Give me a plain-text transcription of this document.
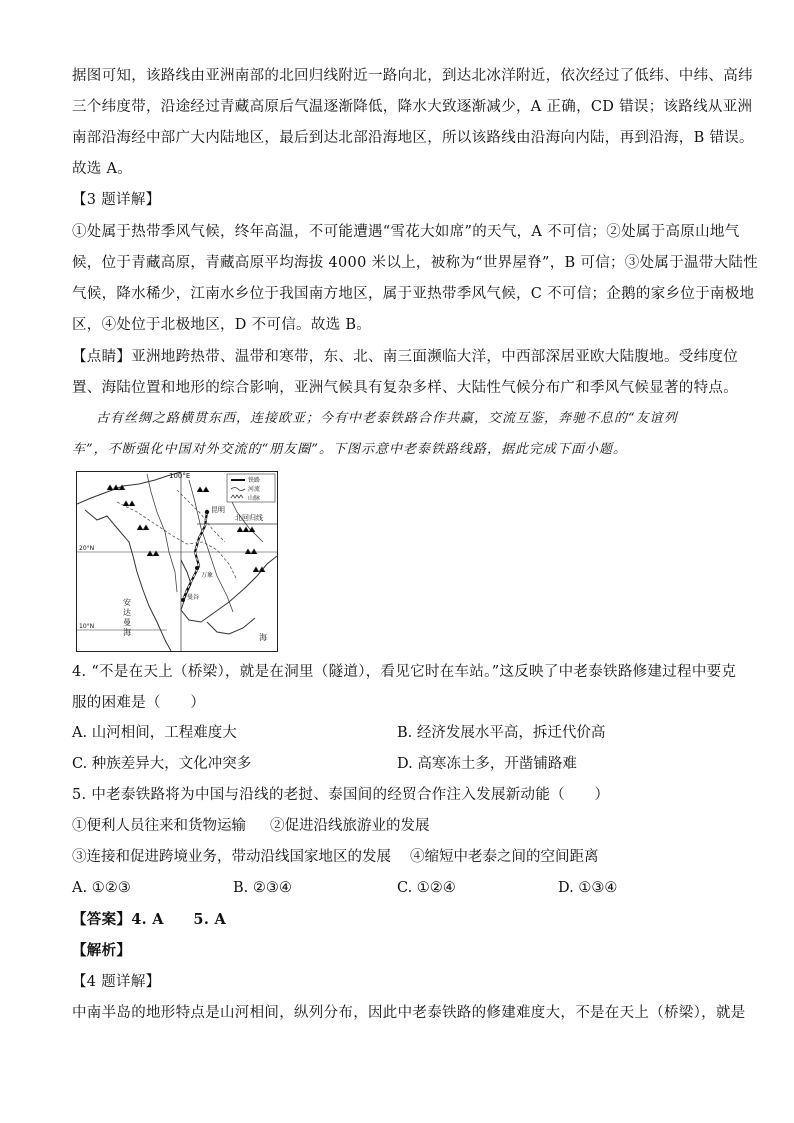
据图可知，该路线由亚洲南部的北回归线附近一路向北，到达北冰洋附近，依次经过了低纬、中纬、高纬
三个纬度带，沿途经过青藏高原后气温逐渐降低，降水大致逐渐减少，A 正确，CD 错误；该路线从亚洲
南部沿海经中部广大内陆地区，最后到达北部沿海地区，所以该路线由沿海向内陆，再到沿海，B 错误。
故选 A。
【3 题详解】
①处属于热带季风气候，终年高温，不可能遭遇“雪花大如席”的天气，A 不可信；②处属于高原山地气
候，位于青藏高原，青藏高原平均海拔 4000 米以上，被称为“世界屋脊”，B 可信；③处属于温带大陆性
气候，降水稀少，江南水乡位于我国南方地区，属于亚热带季风气候，C 不可信；企鹅的家乡位于南极地
区，④处位于北极地区，D 不可信。故选 B。
【点睛】亚洲地跨热带、温带和寒带，东、北、南三面濒临大洋，中西部深居亚欧大陆腹地。受纬度位
置、海陆位置和地形的综合影响，亚洲气候具有复杂多样、大陆性气候分布广和季风气候显著的特点。
古有丝绸之路横贯东西，连接欧亚；今有中老泰铁路合作共赢，交流互鉴，奔驰不息的“友谊列
车”，不断强化中国对外交流的“朋友圈”。下图示意中老泰铁路线路，据此完成下面小题。
100°E
铁路
河流
山脉
昆明
北回归线
20°N
10°N
万象
曼谷
安
达
曼
海
海
4. “不是在天上（桥梁），就是在洞里（隧道），看见它时在车站。”这反映了中老泰铁路修建过程中要克
服的困难是（　　）
A. 山河相间，工程难度大	B. 经济发展水平高，拆迁代价高
C. 种族差异大，文化冲突多	D. 高寒冻土多，开凿铺路难
5. 中老泰铁路将为中国与沿线的老挝、泰国间的经贸合作注入发展新动能（　　）
①便利人员往来和货物运输 ②促进沿线旅游业的发展
③连接和促进跨境业务，带动沿线国家地区的发展 ④缩短中老泰之间的空间距离
A. ①②③	B. ②③④	C. ①②④	D. ①③④
【答案】4. A　　5. A
【解析】
【4 题详解】
中南半岛的地形特点是山河相间，纵列分布，因此中老泰铁路的修建难度大，不是在天上（桥梁），就是
